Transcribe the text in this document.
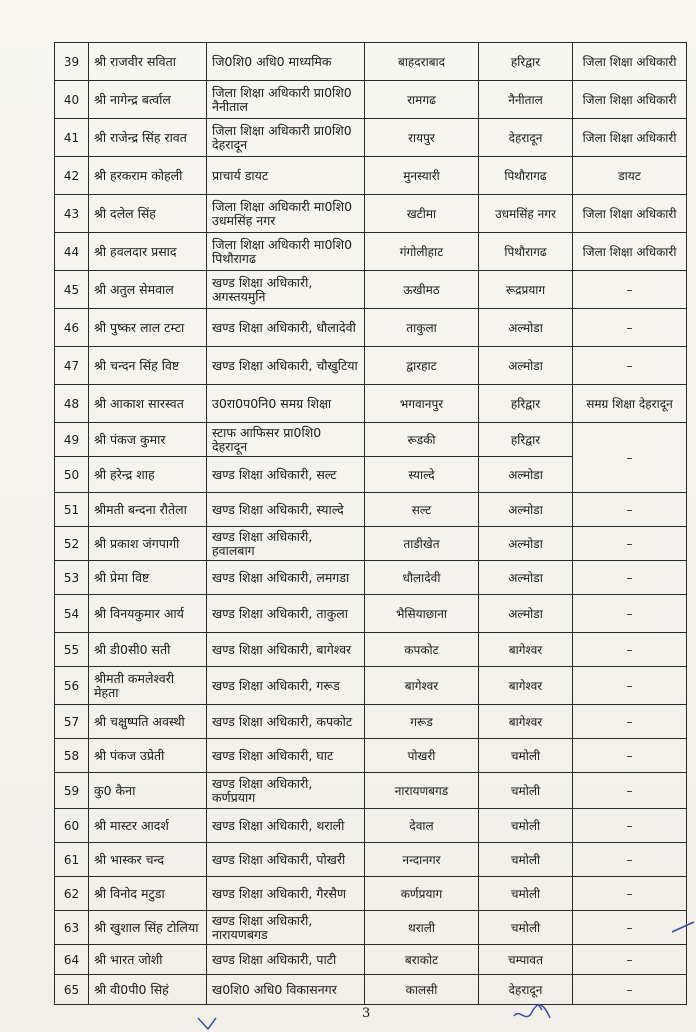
39	श्री राजवीर सविता	जि0शि0 अधि0 माध्यमिक	बाहदराबाद	हरिद्वार	जिला शिक्षा अधिकारी
40	श्री नागेन्द्र बर्त्वाल	जिला शिक्षा अधिकारी प्रा0शि0 नैनीताल	रामगढ	नैनीताल	जिला शिक्षा अधिकारी
41	श्री राजेन्द्र सिंह रावत	जिला शिक्षा अधिकारी प्रा0शि0 देहरादून	रायपुर	देहरादून	जिला शिक्षा अधिकारी
42	श्री हरकराम कोहली	प्राचार्य डायट	मुनस्यारी	पिथौरागढ	डायट
43	श्री दलेल सिंह	जिला शिक्षा अधिकारी मा0शि0 उधमसिंह नगर	खटीमा	उधमसिंह नगर	जिला शिक्षा अधिकारी
44	श्री हवलदार प्रसाद	जिला शिक्षा अधिकारी मा0शि0 पिथौरागढ	गंगोलीहाट	पिथौरागढ	जिला शिक्षा अधिकारी
45	श्री अतुल सेमवाल	खण्ड शिक्षा अधिकारी, अगस्तयमुनि	ऊखीमठ	रूद्रप्रयाग	–
46	श्री पुष्कर लाल टम्टा	खण्ड शिक्षा अधिकारी, धौलादेवी	ताकुला	अल्मोडा	–
47	श्री चन्दन सिंह विष्ट	खण्ड शिक्षा अधिकारी, चौखुटिया	द्वारहाट	अल्मोडा	–
48	श्री आकाश सारस्वत	उ0रा0प0नि0 समग्र शिक्षा	भगवानपुर	हरिद्वार	समग्र शिक्षा देहरादून
49	श्री पंकज कुमार	स्टाफ आफिसर प्रा0शि0 देहरादून	रूडकी	हरिद्वार	–
50	श्री हरेन्द्र शाह	खण्ड शिक्षा अधिकारी, सल्ट	स्याल्दे	अल्मोडा	
51	श्रीमती बन्दना रौतेला	खण्ड शिक्षा अधिकारी, स्याल्दे	सल्ट	अल्मोडा	–
52	श्री प्रकाश जंगपागी	खण्ड शिक्षा अधिकारी, हवालबाग	ताडीखेत	अल्मोडा	–
53	श्री प्रेमा विष्ट	खण्ड शिक्षा अधिकारी, लमगडा	धौलादेवी	अल्मोडा	–
54	श्री विनयकुमार आर्य	खण्ड शिक्षा अधिकारी, ताकुला	भैसियाछाना	अल्मोडा	–
55	श्री डी0सी0 सती	खण्ड शिक्षा अधिकारी, बागेश्वर	कपकोट	बागेश्वर	–
56	श्रीमती कमलेश्वरी मेहता	खण्ड शिक्षा अधिकारी, गरूड	बागेश्वर	बागेश्वर	–
57	श्री चक्षुष्पति अवस्थी	खण्ड शिक्षा अधिकारी, कपकोट	गरूड	बागेश्वर	–
58	श्री पंकज उप्रेती	खण्ड शिक्षा अधिकारी, घाट	पोखरी	चमोली	–
59	कु0 कैना	खण्ड शिक्षा अधिकारी, कर्णप्रयाग	नारायणबगड	चमोली	–
60	श्री मास्टर आदर्श	खण्ड शिक्षा अधिकारी, थराली	देवाल	चमोली	–
61	श्री भास्कर चन्द	खण्ड शिक्षा अधिकारी, पोखरी	नन्दानगर	चमोली	–
62	श्री विनोद मटुडा	खण्ड शिक्षा अधिकारी, गैरसैण	कर्णप्रयाग	चमोली	–
63	श्री खुशाल सिंह टोलिया	खण्ड शिक्षा अधिकारी, नारायणबगड	थराली	चमोली	–
64	श्री भारत जोशी	खण्ड शिक्षा अधिकारी, पाटी	बराकोट	चम्पावत	–
65	श्री वी0पी0 सिहं	ख0शि0 अधि0 विकासनगर	कालसी	देहरादून	–
3
